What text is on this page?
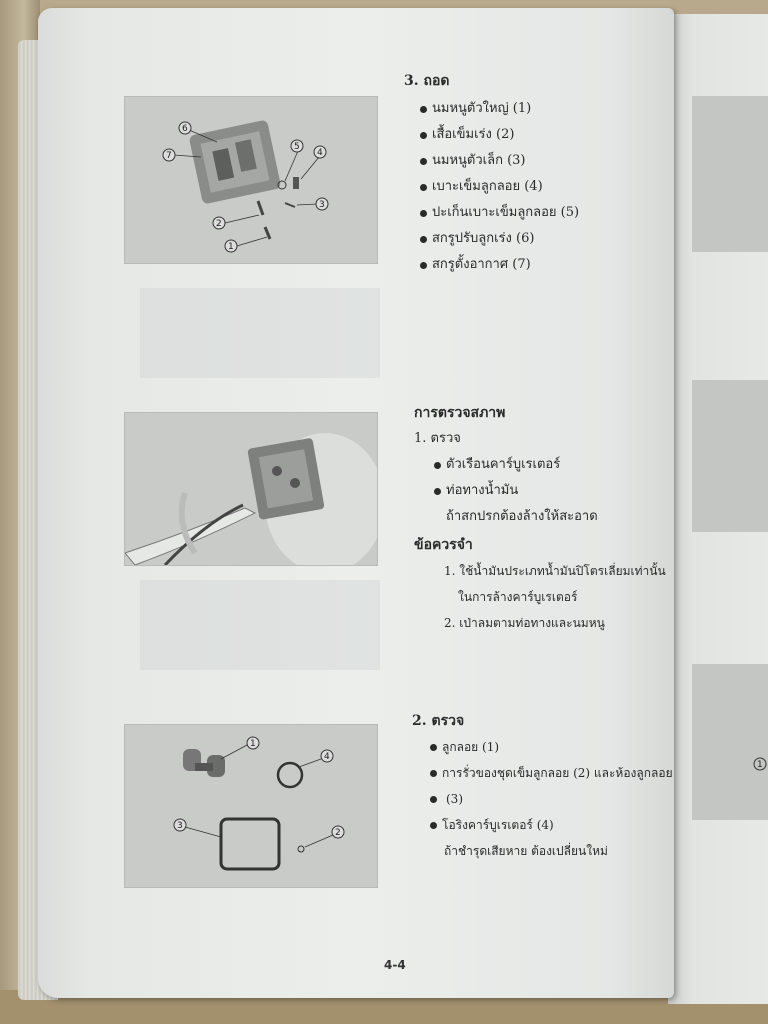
1
6
7
5
4
3
2
1
1
4
3
2
3. ถอด
นมหนูตัวใหญ่ (1)
เสื้อเข็มเร่ง (2)
นมหนูตัวเล็ก (3)
เบาะเข็มลูกลอย (4)
ปะเก็นเบาะเข็มลูกลอย (5)
สกรูปรับลูกเร่ง (6)
สกรูตั้งอากาศ (7)
การตรวจสภาพ
1. ตรวจ
ตัวเรือนคาร์บูเรเตอร์
ท่อทางน้ำมัน
ถ้าสกปรกต้องล้างให้สะอาด
ข้อควรจำ
1. ใช้น้ำมันประเภทน้ำมันปิโตรเลี่ยมเท่านั้น
ในการล้างคาร์บูเรเตอร์
2. เป่าลมตามท่อทางและนมหนู
2. ตรวจ
ลูกลอย (1)
การรั่วของชุดเข็มลูกลอย (2) และห้องลูกลอย
(3)
โอริงคาร์บูเรเตอร์ (4)
ถ้าชำรุดเสียหาย ต้องเปลี่ยนใหม่
4-4
